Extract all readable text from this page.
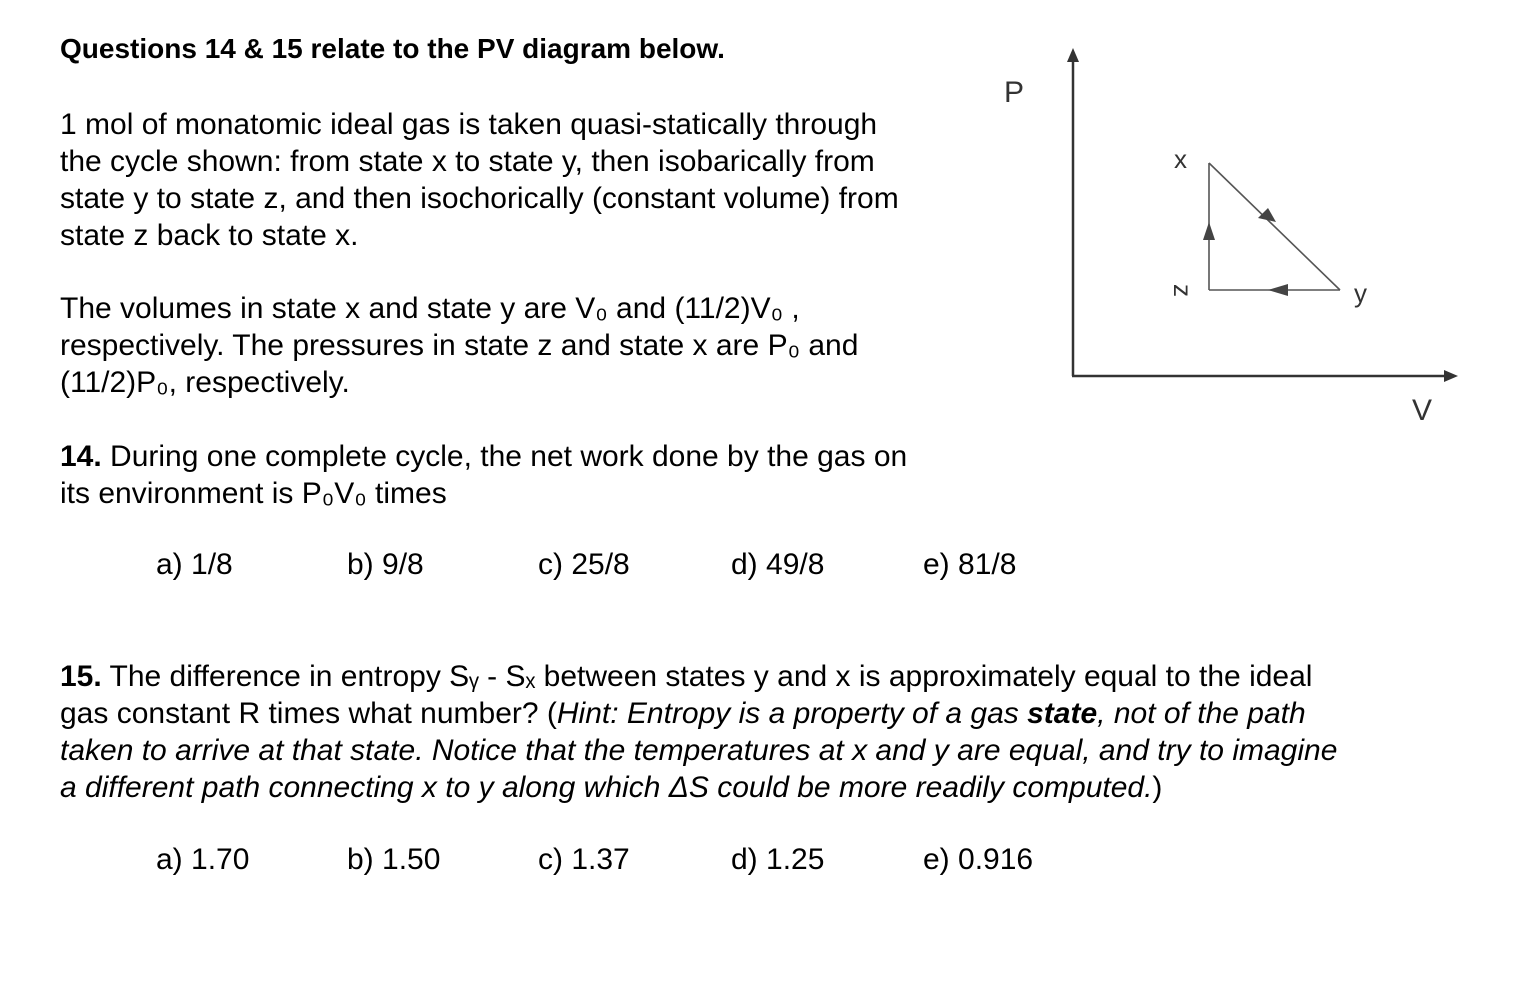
Questions 14 & 15 relate to the PV diagram below.
1 mol of monatomic ideal gas is taken quasi-statically through
the cycle shown: from state x to state y, then isobarically from
state y to state z, and then isochorically (constant volume) from
state z back to state x.
The volumes in state x and state y are V₀ and (11/2)V₀ ,
respectively. The pressures in state z and state x are P₀ and
(11/2)P₀, respectively.
14. During one complete cycle, the net work done by the gas on
its environment is P₀V₀ times
a) 1/8	b) 9/8	c) 25/8	d) 49/8	e) 81/8
15. The difference in entropy Sᵧ - Sₓ between states y and x is approximately equal to the ideal
gas constant R times what number? (Hint: Entropy is a property of a gas state, not of the path
taken to arrive at that state. Notice that the temperatures at x and y are equal, and try to imagine
a different path connecting x to y along which ΔS could be more readily computed.)
a) 1.70	b) 1.50	c) 1.37	d) 1.25	e) 0.916
P
V
x
y
z
